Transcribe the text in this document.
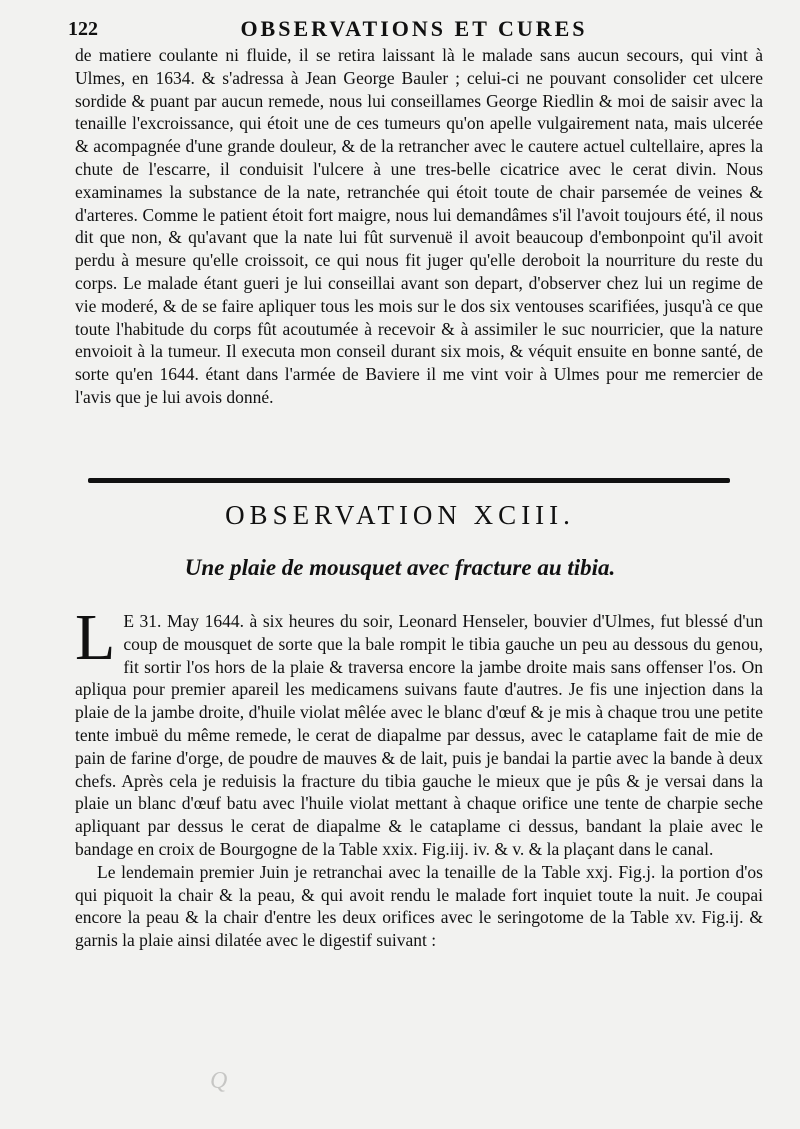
122	OBSERVATIONS ET CURES

de matiere coulante ni fluide, il se retira laissant là le malade sans aucun secours, qui vint à Ulmes, en 1634. & s'adressa à Jean George Bauler ; celui-ci ne pouvant consolider cet ulcere sordide & puant par aucun remede, nous lui conseillames George Riedlin & moi de saisir avec la tenaille l'excroissance, qui étoit une de ces tumeurs qu'on apelle vulgairement nata, mais ulcerée & acompagnée d'une grande douleur, & de la retrancher avec le cautere actuel cultellaire, apres la chute de l'escarre, il conduisit l'ulcere à une tres-belle cicatrice avec le cerat divin. Nous examinames la substance de la nate, retranchée qui étoit toute de chair parsemée de veines & d'arteres. Comme le patient étoit fort maigre, nous lui demandâmes s'il l'avoit toujours été, il nous dit que non, & qu'avant que la nate lui fût survenuë il avoit beaucoup d'embonpoint qu'il avoit perdu à mesure qu'elle croissoit, ce qui nous fit juger qu'elle deroboit la nourriture du reste du corps. Le malade étant gueri je lui conseillai avant son depart, d'observer chez lui un regime de vie moderé, & de se faire apliquer tous les mois sur le dos six ventouses scarifiées, jusqu'à ce que toute l'habitude du corps fût acoutumée à recevoir & à assimiler le suc nourricier, que la nature envoioit à la tumeur. Il executa mon conseil durant six mois, & véquit ensuite en bonne santé, de sorte qu'en 1644. étant dans l'armée de Baviere il me vint voir à Ulmes pour me remercier de l'avis que je lui avois donné.

OBSERVATION XCIII.
Une plaie de mousquet avec fracture au tibia.

L E 31. May 1644. à six heures du soir, Leonard Henseler, bouvier d'Ulmes, fut blessé d'un coup de mousquet de sorte que la bale rompit le tibia gauche un peu au dessous du genou, fit sortir l'os hors de la plaie & traversa encore la jambe droite mais sans offenser l'os. On apliqua pour premier apareil les medicamens suivans faute d'autres. Je fis une injection dans la plaie de la jambe droite, d'huile violat mêlée avec le blanc d'œuf & je mis à chaque trou une petite tente imbuë du même remede, le cerat de diapalme par dessus, avec le cataplame fait de mie de pain de farine d'orge, de poudre de mauves & de lait, puis je bandai la partie avec la bande à deux chefs. Après cela je reduisis la fracture du tibia gauche le mieux que je pûs & je versai dans la plaie un blanc d'œuf batu avec l'huile violat mettant à chaque orifice une tente de charpie seche apliquant par dessus le cerat de diapalme & le cataplame ci dessus, bandant la plaie avec le bandage en croix de Bourgogne de la Table xxix. Fig.iij. iv. & v. & la plaçant dans le canal.

Le lendemain premier Juin je retranchai avec la tenaille de la Table xxj. Fig.j. la portion d'os qui piquoit la chair & la peau, & qui avoit rendu le malade fort inquiet toute la nuit. Je coupai encore la peau & la chair d'entre les deux orifices avec le seringotome de la Table xv. Fig.ij. & garnis la plaie ainsi dilatée avec le digestif suivant :

Q
